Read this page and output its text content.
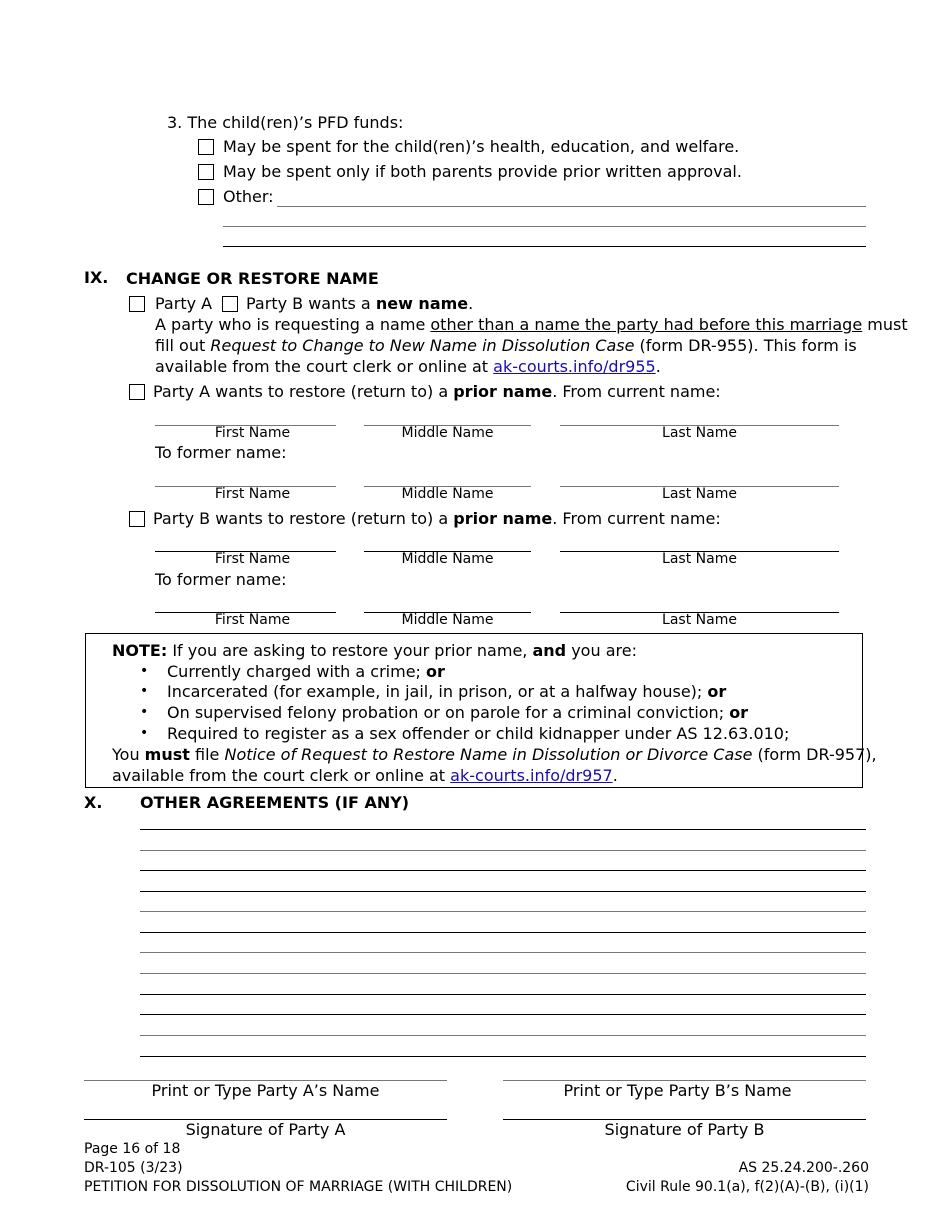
3. The child(ren)’s PFD funds:
May be spent for the child(ren)’s health, education, and welfare.
May be spent only if both parents provide prior written approval.
Other:
IX. CHANGE OR RESTORE NAME
Party A Party B wants a new name.
A party who is requesting a name other than a name the party had before this marriage must
fill out Request to Change to New Name in Dissolution Case (form DR-955). This form is
available from the court clerk or online at ak-courts.info/dr955.
Party A wants to restore (return to) a prior name. From current name:
First Name	Middle Name	Last Name
To former name:
First Name	Middle Name	Last Name
Party B wants to restore (return to) a prior name. From current name:
First Name	Middle Name	Last Name
To former name:
First Name	Middle Name	Last Name
NOTE: If you are asking to restore your prior name, and you are:
• Currently charged with a crime; or
• Incarcerated (for example, in jail, in prison, or at a halfway house); or
• On supervised felony probation or on parole for a criminal conviction; or
• Required to register as a sex offender or child kidnapper under AS 12.63.010;
You must file Notice of Request to Restore Name in Dissolution or Divorce Case (form DR-957),
available from the court clerk or online at ak-courts.info/dr957.
X. OTHER AGREEMENTS (IF ANY)
Print or Type Party A’s Name	Print or Type Party B’s Name
Signature of Party A	Signature of Party B
Page 16 of 18
DR-105 (3/23)
PETITION FOR DISSOLUTION OF MARRIAGE (WITH CHILDREN)
AS 25.24.200-.260
Civil Rule 90.1(a), f(2)(A)-(B), (i)(1)
